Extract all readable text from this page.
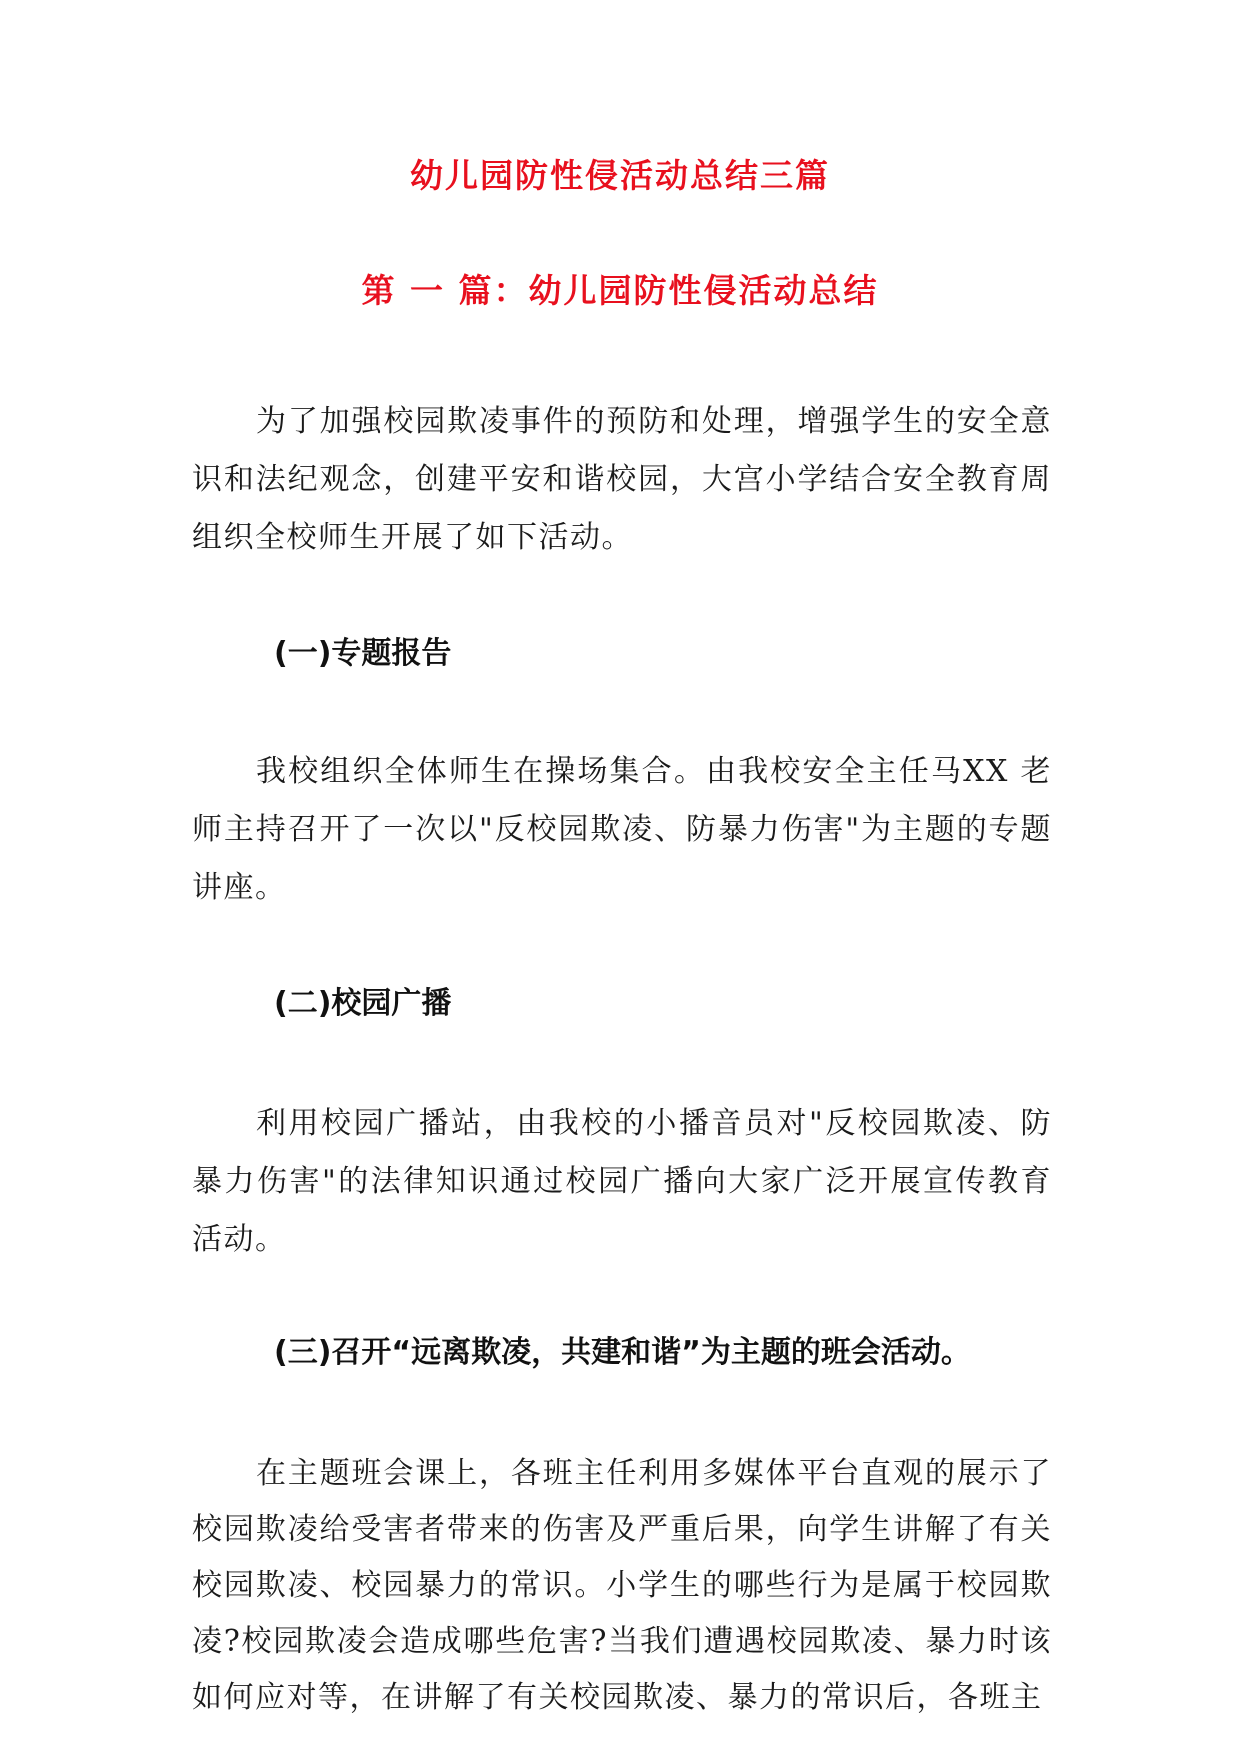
幼儿园防性侵活动总结三篇
第 一 篇：幼儿园防性侵活动总结

为了加强校园欺凌事件的预防和处理，增强学生的安全意识和法纪观念，创建平安和谐校园，大宫小学结合安全教育周组织全校师生开展了如下活动。

(一)专题报告

我校组织全体师生在操场集合。由我校安全主任马XX 老师主持召开了一次以"反校园欺凌、防暴力伤害"为主题的专题讲座。

(二)校园广播

利用校园广播站，由我校的小播音员对"反校园欺凌、防暴力伤害"的法律知识通过校园广播向大家广泛开展宣传教育活动。

(三)召开“远离欺凌，共建和谐”为主题的班会活动。

在主题班会课上，各班主任利用多媒体平台直观的展示了校园欺凌给受害者带来的伤害及严重后果，向学生讲解了有关校园欺凌、校园暴力的常识。小学生的哪些行为是属于校园欺凌?校园欺凌会造成哪些危害?当我们遭遇校园欺凌、暴力时该如何应对等，在讲解了有关校园欺凌、暴力的常识后，各班主
